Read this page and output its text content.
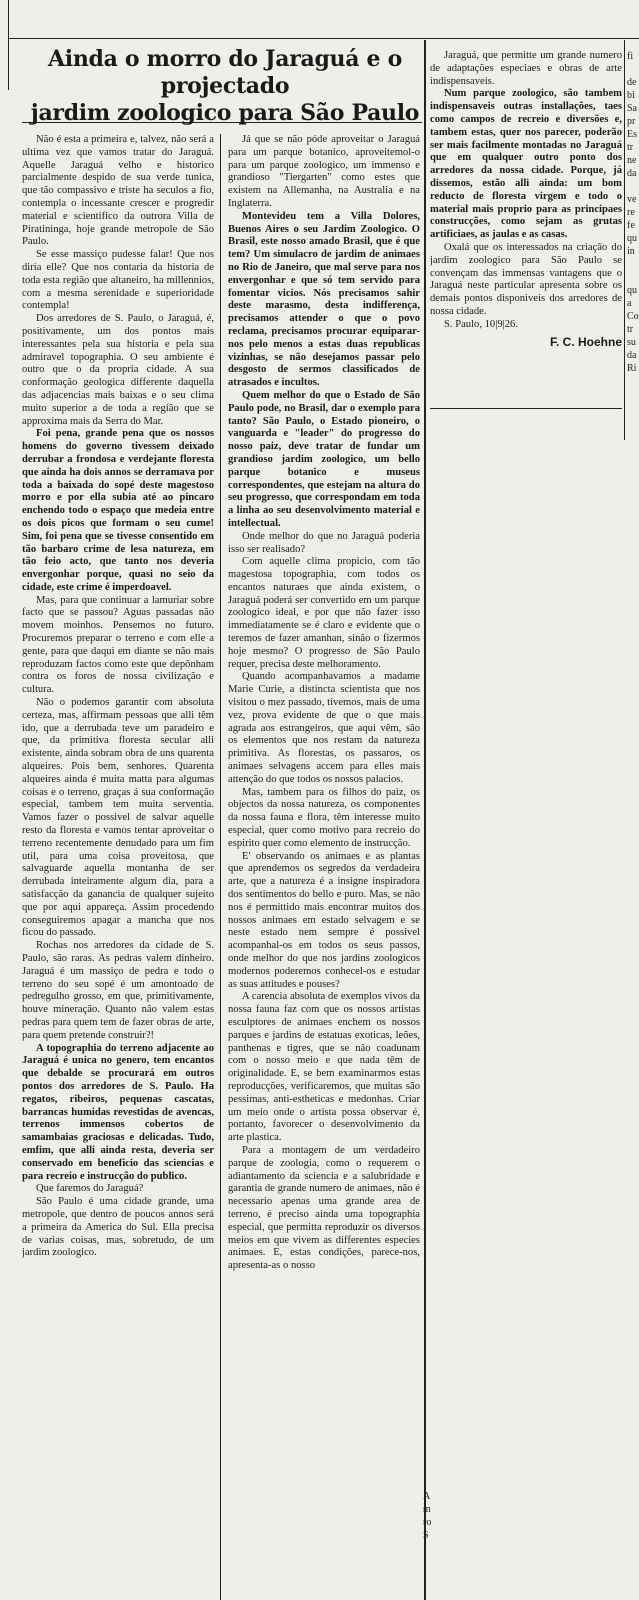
Ainda o morro do Jaraguá e o projectado
jardim zoologico para São Paulo

Não é esta a primeira e, talvez, não será a ultima vez que vamos tratar do Jaraguá. Aquelle Jaraguá velho e historico parcialmente despido de sua verde tunica, que tão compassivo e triste ha seculos a fio, contempla o incessante crescer e progredir material e scientifico da outrora Villa de Piratininga, hoje grande metropole de São Paulo.

Se esse massiço pudesse falar! Que nos diria elle? Que nos contaria da historia de toda esta região que altaneiro, ha millennios, com a mesma serenidade e superioridade contempla!

Dos arredores de S. Paulo, o Jaraguá, é, positivamente, um dos pontos mais interessantes pela sua historia e pela sua admiravel topographia. O seu ambiente é outro que o da propria cidade. A sua conformação geologica differente daquella das adjacencias mais baixas e o seu clima muito superior a de toda a região que se approxima mais da Serra do Mar.

Foi pena, grande pena que os nossos homens do governo tivessem deixado derrubar a frondosa e verdejante floresta que ainda ha dois annos se derramava por toda a baixada do sopé deste magestoso morro e por ella subia até ao pincaro enchendo todo o espaço que medeia entre os dois picos que formam o seu cume! Sim, foi pena que se tivesse consentido em tão barbaro crime de lesa natureza, em tão feio acto, que tanto nos deveria envergonhar porque, quasi no seio da cidade, este crime é imperdoavel.

Mas, para que continuar a lamuriar sobre facto que se passou? Aguas passadas não movem moinhos. Pensemos no futuro. Procuremos preparar o terreno e com elle a gente, para que daqui em diante se não mais reproduzam factos como este que depõnham contra os foros de nossa civilização e cultura.

Não o podemos garantir com absoluta certeza, mas, affirmam pessoas que alli têm ido, que a derrubada teve um paradeiro e que, da primitiva floresta secular alli existente, ainda sobram obra de uns quarenta alqueires. Pois bem, senhores. Quarenta alqueires ainda é muita matta para algumas coisas e o terreno, graças á sua conformação especial, tambem tem muita serventia. Vamos fazer o possivel de salvar aquelle resto da floresta e vamos tentar aproveitar o terreno recentemente denudado para um fim util, para uma coisa proveitosa, que salvaguarde aquella montanha de ser derrubada inteiramente algum dia, para a satisfacção da ganancia de qualquer sujeito que por aqui appareça. Assim procedendo conseguiremos apagar a mancha que nos ficou do passado.

Rochas nos arredores da cidade de S. Paulo, são raras. As pedras valem dinheiro. Jaraguá é um massiço de pedra e todo o terreno do seu sopé é um amontoado de pedregulho grosso, em que, primitivamente, houve mineração. Quanto não valem estas pedras para quem tem de fazer obras de arte, para quem pretende construir?!

A topographia do terreno adjacente ao Jaraguá é unica no genero, tem encantos que debalde se procurará em outros pontos dos arredores de S. Paulo. Ha regatos, ribeiros, pequenas cascatas, barrancas humidas revestidas de avencas, terrenos immensos cobertos de samambaias graciosas e delicadas. Tudo, emfim, que alli ainda resta, deveria ser conservado em beneficio das sciencias e para recreio e instrucção do publico.

Que faremos do Jaraguá?

São Paulo é uma cidade grande, uma metropole, que dentro de poucos annos será a primeira da America do Sul. Ella precisa de varias coisas, mas, sobretudo, de um jardim zoologico.

Já que se não póde aproveitar o Jaraguá para um parque botanico, aproveitemol-o para um parque zoologico, um immenso e grandioso "Tiergarten" como estes que existem na Allemanha, na Australia e na Inglaterra.

Montevideu tem a Villa Dolores, Buenos Aires o seu Jardim Zoologico. O Brasil, este nosso amado Brasil, que é que tem? Um simulacro de jardim de animaes no Rio de Janeiro, que mal serve para nos envergonhar e que só tem servido para fomentar vicios. Nós precisamos sahir deste marasmo, desta indifferença, precisamos attender o que o povo reclama, precisamos procurar equiparar-nos pelo menos a estas duas republicas vizinhas, se não desejamos passar pelo desgosto de sermos classificados de atrasados e incultos.

Quem melhor do que o Estado de São Paulo pode, no Brasil, dar o exemplo para tanto? São Paulo, o Estado pioneiro, o vanguarda e "leader" do progresso do nosso paiz, deve tratar de fundar um grandioso jardim zoologico, um bello parque botanico e museus correspondentes, que estejam na altura do seu progresso, que correspondam em toda a linha ao seu desenvolvimento material e intellectual.

Onde melhor do que no Jaraguá poderia isso ser realisado?

Com aquelle clima propicio, com tão magestosa topographia, com todos os encantos naturaes que ainda existem, o Jaraguá poderá ser convertido em um parque zoologico ideal, e por que não fazer isso immediatamente se é claro e evidente que o teremos de fazer amanhan, sinão o fizermos hoje mesmo? O progresso de São Paulo requer, precisa deste melhoramento.

Quando acompanhavamos a madame Marie Curie, a distincta scientista que nos visitou o mez passado, tivemos, mais de uma vez, prova evidente de que o que mais agrada aos estrangeiros, que aqui vêm, são os elementos que nos restam da natureza primitiva. As florestas, os passaros, os animaes selvagens accem para elles mais attenção do que todos os nossos palacios.

Mas, tambem para os filhos do paiz, os objectos da nossa natureza, os componentes da nossa fauna e flora, têm interesse muito especial, quer como motivo para recreio do espirito quer como elemento de instrucção.

E' observando os animaes e as plantas que aprendemos os segredos da verdadeira arte, que a natureza é a insigne inspiradora dos sentimentos do bello e puro. Mas, se não nos é permittido mais encontrar muitos dos nossos animaes em estado selvagem e se neste estado nem sempre é possivel acompanhal-os em todos os seus passos, onde melhor do que nos jardins zoologicos modernos poderemos conhecel-os e estudar as suas attitudes e pouses?

A carencia absoluta de exemplos vivos da nossa fauna faz com que os nossos artistas esculptores de animaes enchem os nossos parques e jardins de estatuas exoticas, leões, panthenas e tigres, que se não coadunam com o nosso meio e que nada têm de originalidade. E, se bem examinarmos estas reproducções, verificaremos, que muitas são pessimas, anti-estheticas e medonhas. Criar um meio onde o artista possa observar é, portanto, favorecer o desenvolvimento da arte plastica.

Para a montagem de um verdadeiro parque de zoologia, como o requerem o adiantamento da sciencia e a salubridade e garantia de grande numero de animaes, não é necessario apenas uma grande area de terreno, é preciso ainda uma topographia especial, que permitta reproduzir os diversos meios em que vivem as differentes especies animaes. E, estas condições, parece-nos, apresenta-as o nosso

Jaraguá, que permitte um grande numero de adaptações especiaes e obras de arte indispensaveis.

Num parque zoologico, são tambem indispensaveis outras installações, taes como campos de recreio e diversões e, tambem estas, quer nos parecer, poderão ser mais facilmente montadas no Jaraguá que em qualquer outro ponto dos arredores da nossa cidade. Porque, já dissemos, estão alli ainda: um bom reducto de floresta virgem e todo o material mais proprio para as principaes construcções, como sejam as grutas artificiaes, as jaulas e as casas.

Oxalá que os interessados na criação do jardim zoologico para São Paulo se convençam das immensas vantagens que o Jaraguá neste particular apresenta sobre os demais pontos disponiveis dos arredores de nossa cidade.

S. Paulo, 10|9|26.

F. C. Hoehne
fi

de
bi
Sa
pr
Es
tr
ne
da

ve
re
fe
qu
in

qu
a
Co
tr
su
da
Ri
A
m
ro
S
